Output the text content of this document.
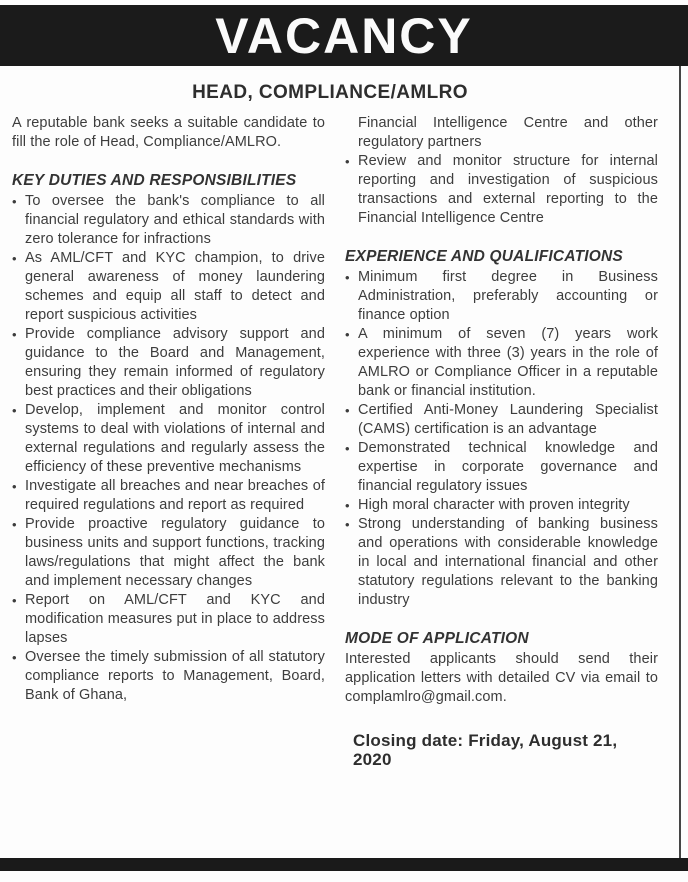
VACANCY
HEAD, COMPLIANCE/AMLRO

A reputable bank seeks a suitable candidate to fill the role of Head, Compliance/AMLRO.

KEY DUTIES AND RESPONSIBILITIES
• To oversee the bank's compliance to all financial regulatory and ethical standards with zero tolerance for infractions
• As AML/CFT and KYC champion, to drive general awareness of money laundering schemes and equip all staff to detect and report suspicious activities
• Provide compliance advisory support and guidance to the Board and Management, ensuring they remain informed of regulatory best practices and their obligations
• Develop, implement and monitor control systems to deal with violations of internal and external regulations and regularly assess the efficiency of these preventive mechanisms
• Investigate all breaches and near breaches of required regulations and report as required
• Provide proactive regulatory guidance to business units and support functions, tracking laws/regulations that might affect the bank and implement necessary changes
• Report on AML/CFT and KYC and modification measures put in place to address lapses
• Oversee the timely submission of all statutory compliance reports to Management, Board, Bank of Ghana,

Financial Intelligence Centre and other regulatory partners

• Review and monitor structure for internal reporting and investigation of suspicious transactions and external reporting to the Financial Intelligence Centre
EXPERIENCE AND QUALIFICATIONS
• Minimum first degree in Business Administration, preferably accounting or finance option
• A minimum of seven (7) years work experience with three (3) years in the role of AMLRO or Compliance Officer in a reputable bank or financial institution.
• Certified Anti-Money Laundering Specialist (CAMS) certification is an advantage
• Demonstrated technical knowledge and expertise in corporate governance and financial regulatory issues
• High moral character with proven integrity
• Strong understanding of banking business and operations with considerable knowledge in local and international financial and other statutory regulations relevant to the banking industry
MODE OF APPLICATION

Interested applicants should send their application letters with detailed CV via email to complamlro@gmail.com.

Closing date: Friday, August 21, 2020
